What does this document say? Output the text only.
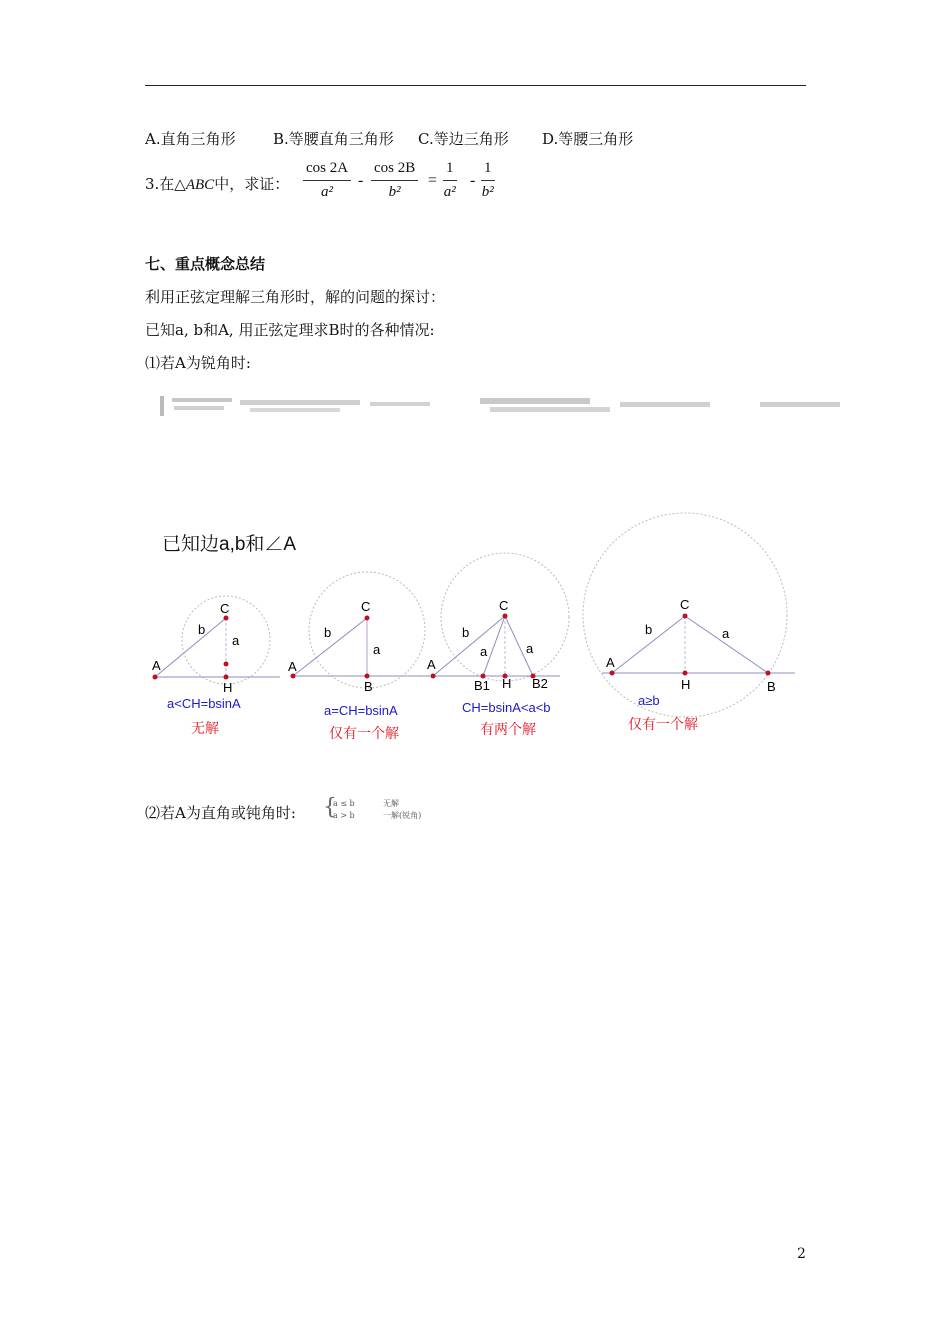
A.直角三角形 B.等腰直角三角形 C.等边三角形 D.等腰三角形
3.在△ABC中，求证：
cos 2A
a²
-
cos 2B
b²
=
1
a²
-
1
b²
七、重点概念总结
利用正弦定理解三角形时，解的问题的探讨：
已知a, b和A, 用正弦定理求B时的各种情况:
⑴若A为锐角时:
已知边a,b和∠A
A
C
H
b
a
a<CH=bsinA
无解
A
C
B
b
a
a=CH=bsinA
仅有一个解
A
C
B1 H B2
b
a	a
CH=bsinA<a<b
有两个解
A
C
H	B
b	a
a≥b
仅有一个解
⑵若A为直角或钝角时: {
a ≤ b	无解
a > b	一解(锐角)
2
